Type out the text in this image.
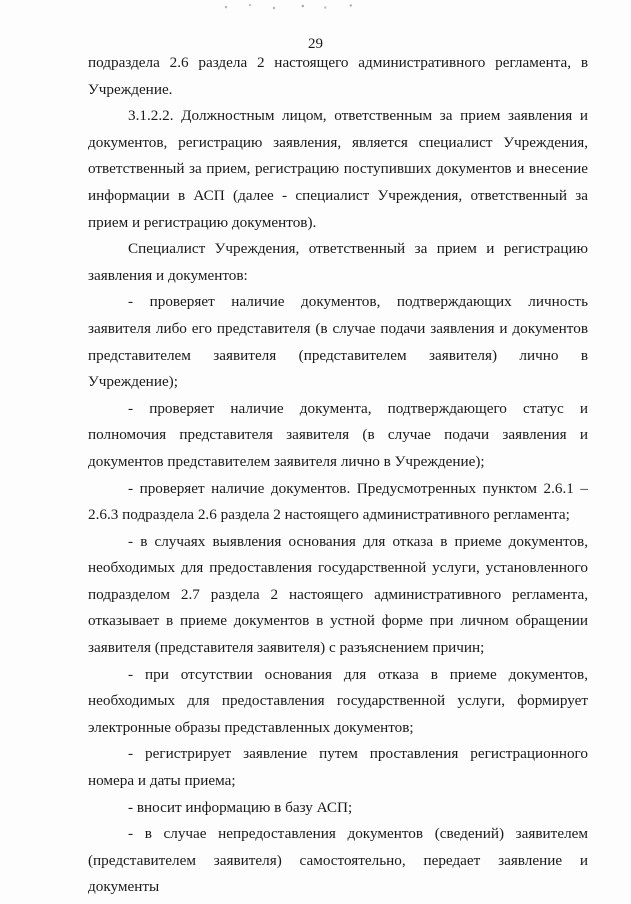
29

подраздела 2.6 раздела 2 настоящего административного регламента, в Учреждение.

3.1.2.2. Должностным лицом, ответственным за прием заявления и документов, регистрацию заявления, является специалист Учреждения, ответственный за прием, регистрацию поступивших документов и внесение информации в АСП (далее - специалист Учреждения, ответственный за прием и регистрацию документов).

Специалист Учреждения, ответственный за прием и регистрацию заявления и документов:

- проверяет наличие документов, подтверждающих личность заявителя либо его представителя (в случае подачи заявления и документов представителем заявителя (представителем заявителя) лично в Учреждение);

- проверяет наличие документа, подтверждающего статус и полномочия представителя заявителя (в случае подачи заявления и документов представителем заявителя лично в Учреждение);

- проверяет наличие документов. Предусмотренных пунктом 2.6.1 – 2.6.3 подраздела 2.6 раздела 2 настоящего административного регламента;

- в случаях выявления основания для отказа в приеме документов, необходимых для предоставления государственной услуги, установленного подразделом 2.7 раздела 2 настоящего административного регламента, отказывает в приеме документов в устной форме при личном обращении заявителя (представителя заявителя) с разъяснением причин;

- при отсутствии основания для отказа в приеме документов, необходимых для предоставления государственной услуги, формирует электронные образы представленных документов;

- регистрирует заявление путем проставления регистрационного номера и даты приема;

- вносит информацию в базу АСП;

- в случае непредоставления документов (сведений) заявителем (представителем заявителя) самостоятельно, передает заявление и документы
